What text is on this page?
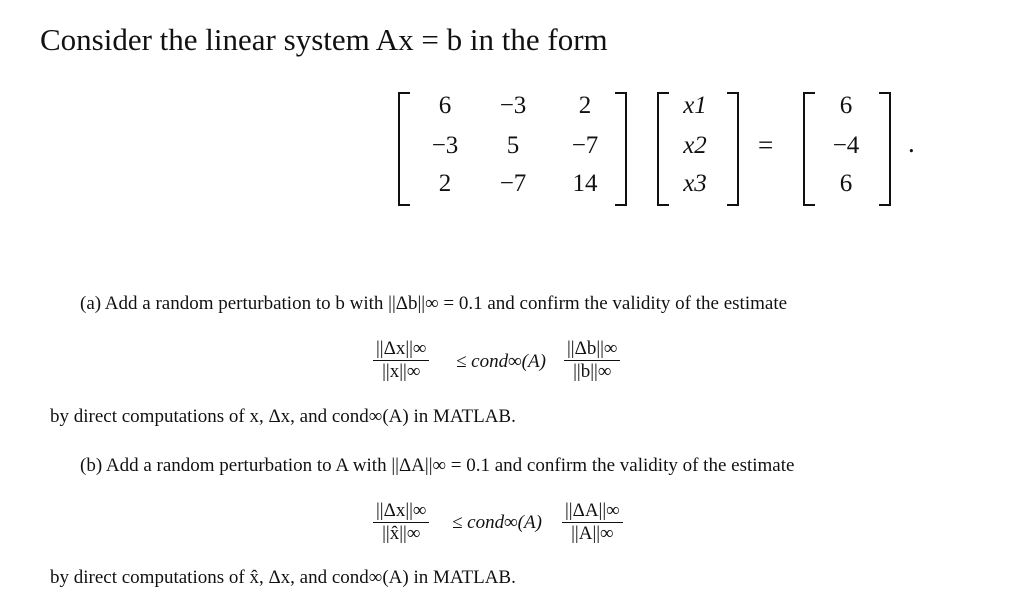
Consider the linear system Ax = b in the form
6	−3	2
−3	5	−7
2	−7	14
x1
x2
x3
=
6
−4
6
.
(a) Add a random perturbation to b with ||Δb||∞ = 0.1 and confirm the validity of the estimate
||Δx||∞
||x||∞ ≤ cond∞(A)
||Δb||∞
||b||∞
by direct computations of x, Δx, and cond∞(A) in MATLAB.
(b) Add a random perturbation to A with ||ΔA||∞ = 0.1 and confirm the validity of the estimate
||Δx||∞
||x̂||∞
≤ cond∞(A)
||ΔA||∞
||A||∞
by direct computations of x̂, Δx, and cond∞(A) in MATLAB.
